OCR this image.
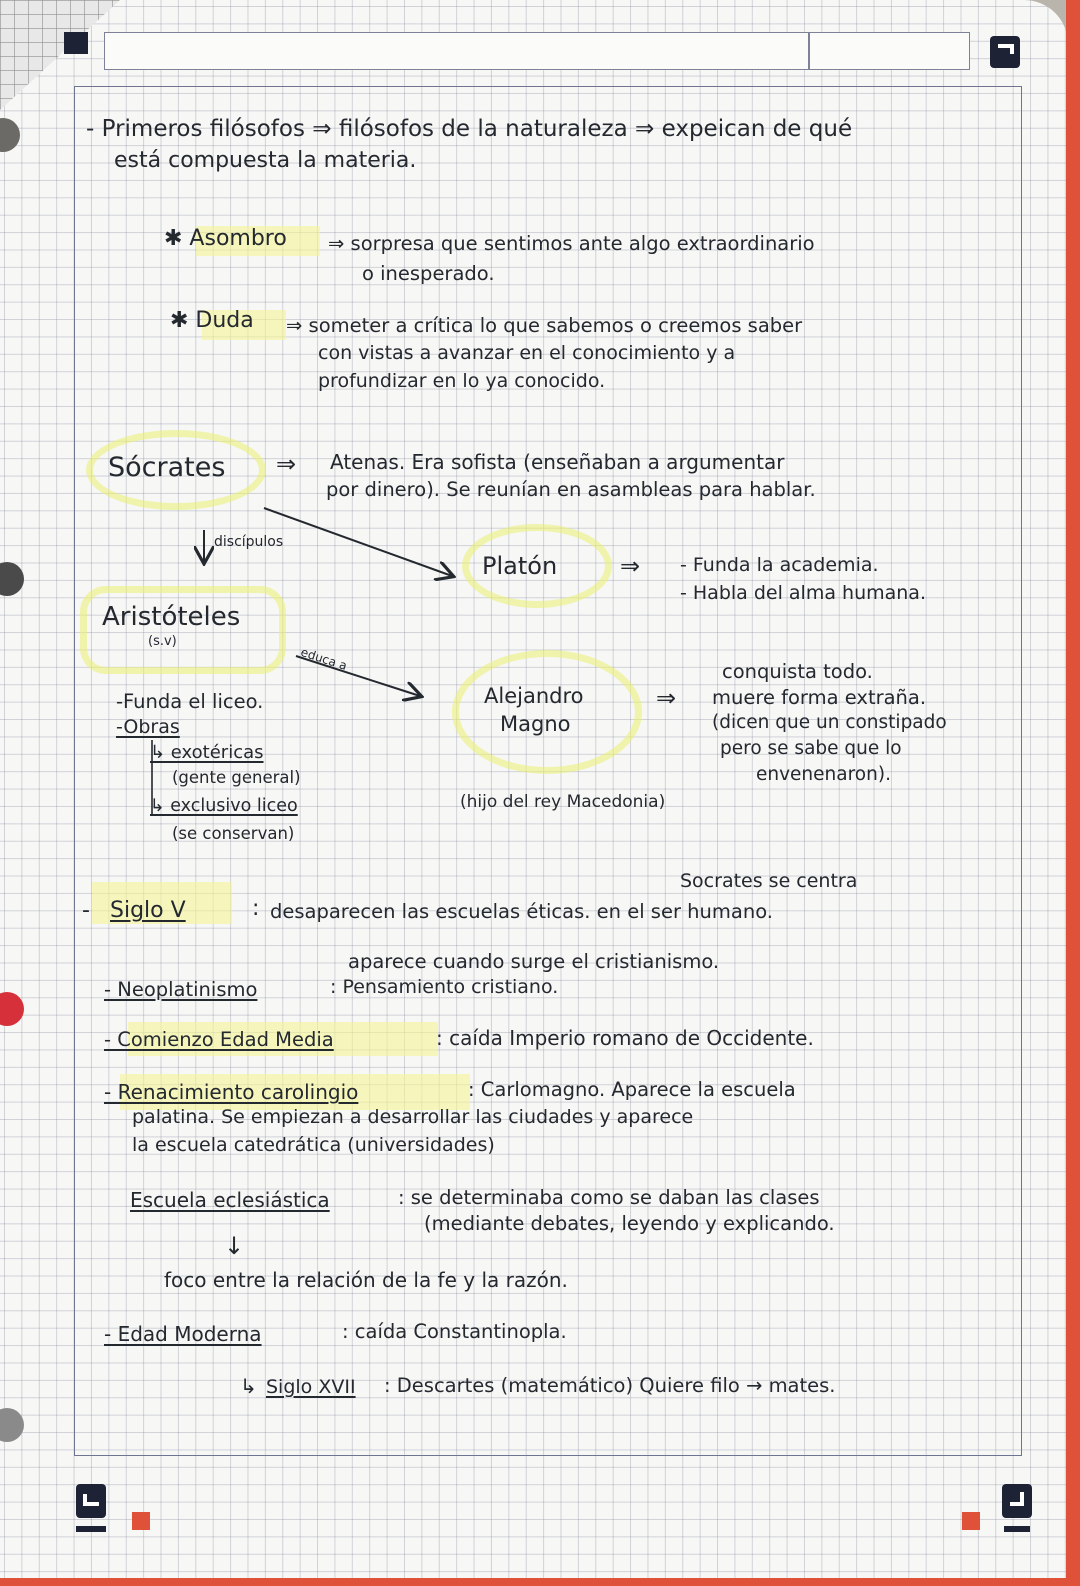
- Primeros filósofos ⇒ filósofos de la naturaleza ⇒ expeican de qué
está compuesta la materia.
✱ Asombro ⇒ sorpresa que sentimos ante algo extraordinario
o inesperado.
✱ Duda ⇒ someter a crítica lo que sabemos o creemos saber
con vistas a avanzar en el conocimiento y a
profundizar en lo ya conocido.
Sócrates ⇒ Atenas. Era sofista (enseñaban a argumentar
por dinero). Se reunían en asambleas para hablar.
discípulos
Platón	⇒ - Funda la academia.
- Habla del alma humana.
Aristóteles
(s.v)
educa a
-Funda el liceo.
-Obras
↳ exotéricas
(gente general)
↳ exclusivo liceo
(se conservan)
Alejandro
Magno
⇒
(hijo del rey Macedonia)
conquista todo.
muere forma extraña.
(dicen que un constipado
pero se sabe que lo
envenenaron).
Socrates se centra
- Siglo V	: desaparecen las escuelas éticas. en el ser humano.
aparece cuando surge el cristianismo.
- Neoplatinismo	: Pensamiento cristiano.
- Comienzo Edad Media	: caída Imperio romano de Occidente.
- Renacimiento carolingio	: Carlomagno. Aparece la escuela
palatina. Se empiezan a desarrollar las ciudades y aparece
la escuela catedrática (universidades)
Escuela eclesiástica	: se determinaba como se daban las clases
(mediante debates, leyendo y explicando.
↓
foco entre la relación de la fe y la razón.
- Edad Moderna	: caída Constantinopla.
↳ Siglo XVII : Descartes (matemático) Quiere filo → mates.
